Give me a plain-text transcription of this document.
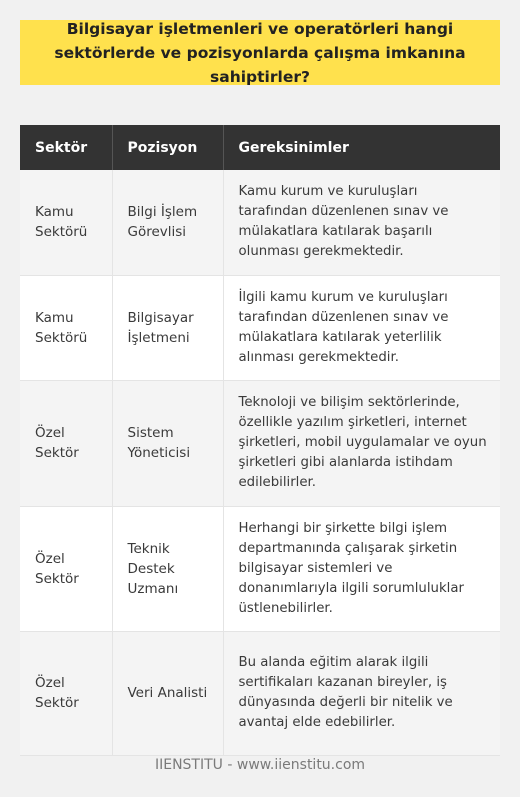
Bilgisayar işletmenleri ve operatörleri hangi sektörlerde ve pozisyonlarda çalışma imkanına sahiptirler?
Sektör	Pozisyon	Gereksinimler
Kamu Sektörü	Bilgi İşlem Görevlisi	Kamu kurum ve kuruluşları tarafından düzenlenen sınav ve mülakatlara katılarak başarılı olunması gerekmektedir.
Kamu Sektörü	Bilgisayar İşletmeni	İlgili kamu kurum ve kuruluşları tarafından düzenlenen sınav ve mülakatlara katılarak yeterlilik alınması gerekmektedir.
Özel Sektör	Sistem Yöneticisi	Teknoloji ve bilişim sektörlerinde, özellikle yazılım şirketleri, internet şirketleri, mobil uygulamalar ve oyun şirketleri gibi alanlarda istihdam edilebilirler.
Özel Sektör	Teknik Destek Uzmanı	Herhangi bir şirkette bilgi işlem departmanında çalışarak şirketin bilgisayar sistemleri ve donanımlarıyla ilgili sorumluluklar üstlenebilirler.
Özel Sektör	Veri Analisti	Bu alanda eğitim alarak ilgili sertifikaları kazanan bireyler, iş dünyasında değerli bir nitelik ve avantaj elde edebilirler.
IIENSTITU - www.iienstitu.com
